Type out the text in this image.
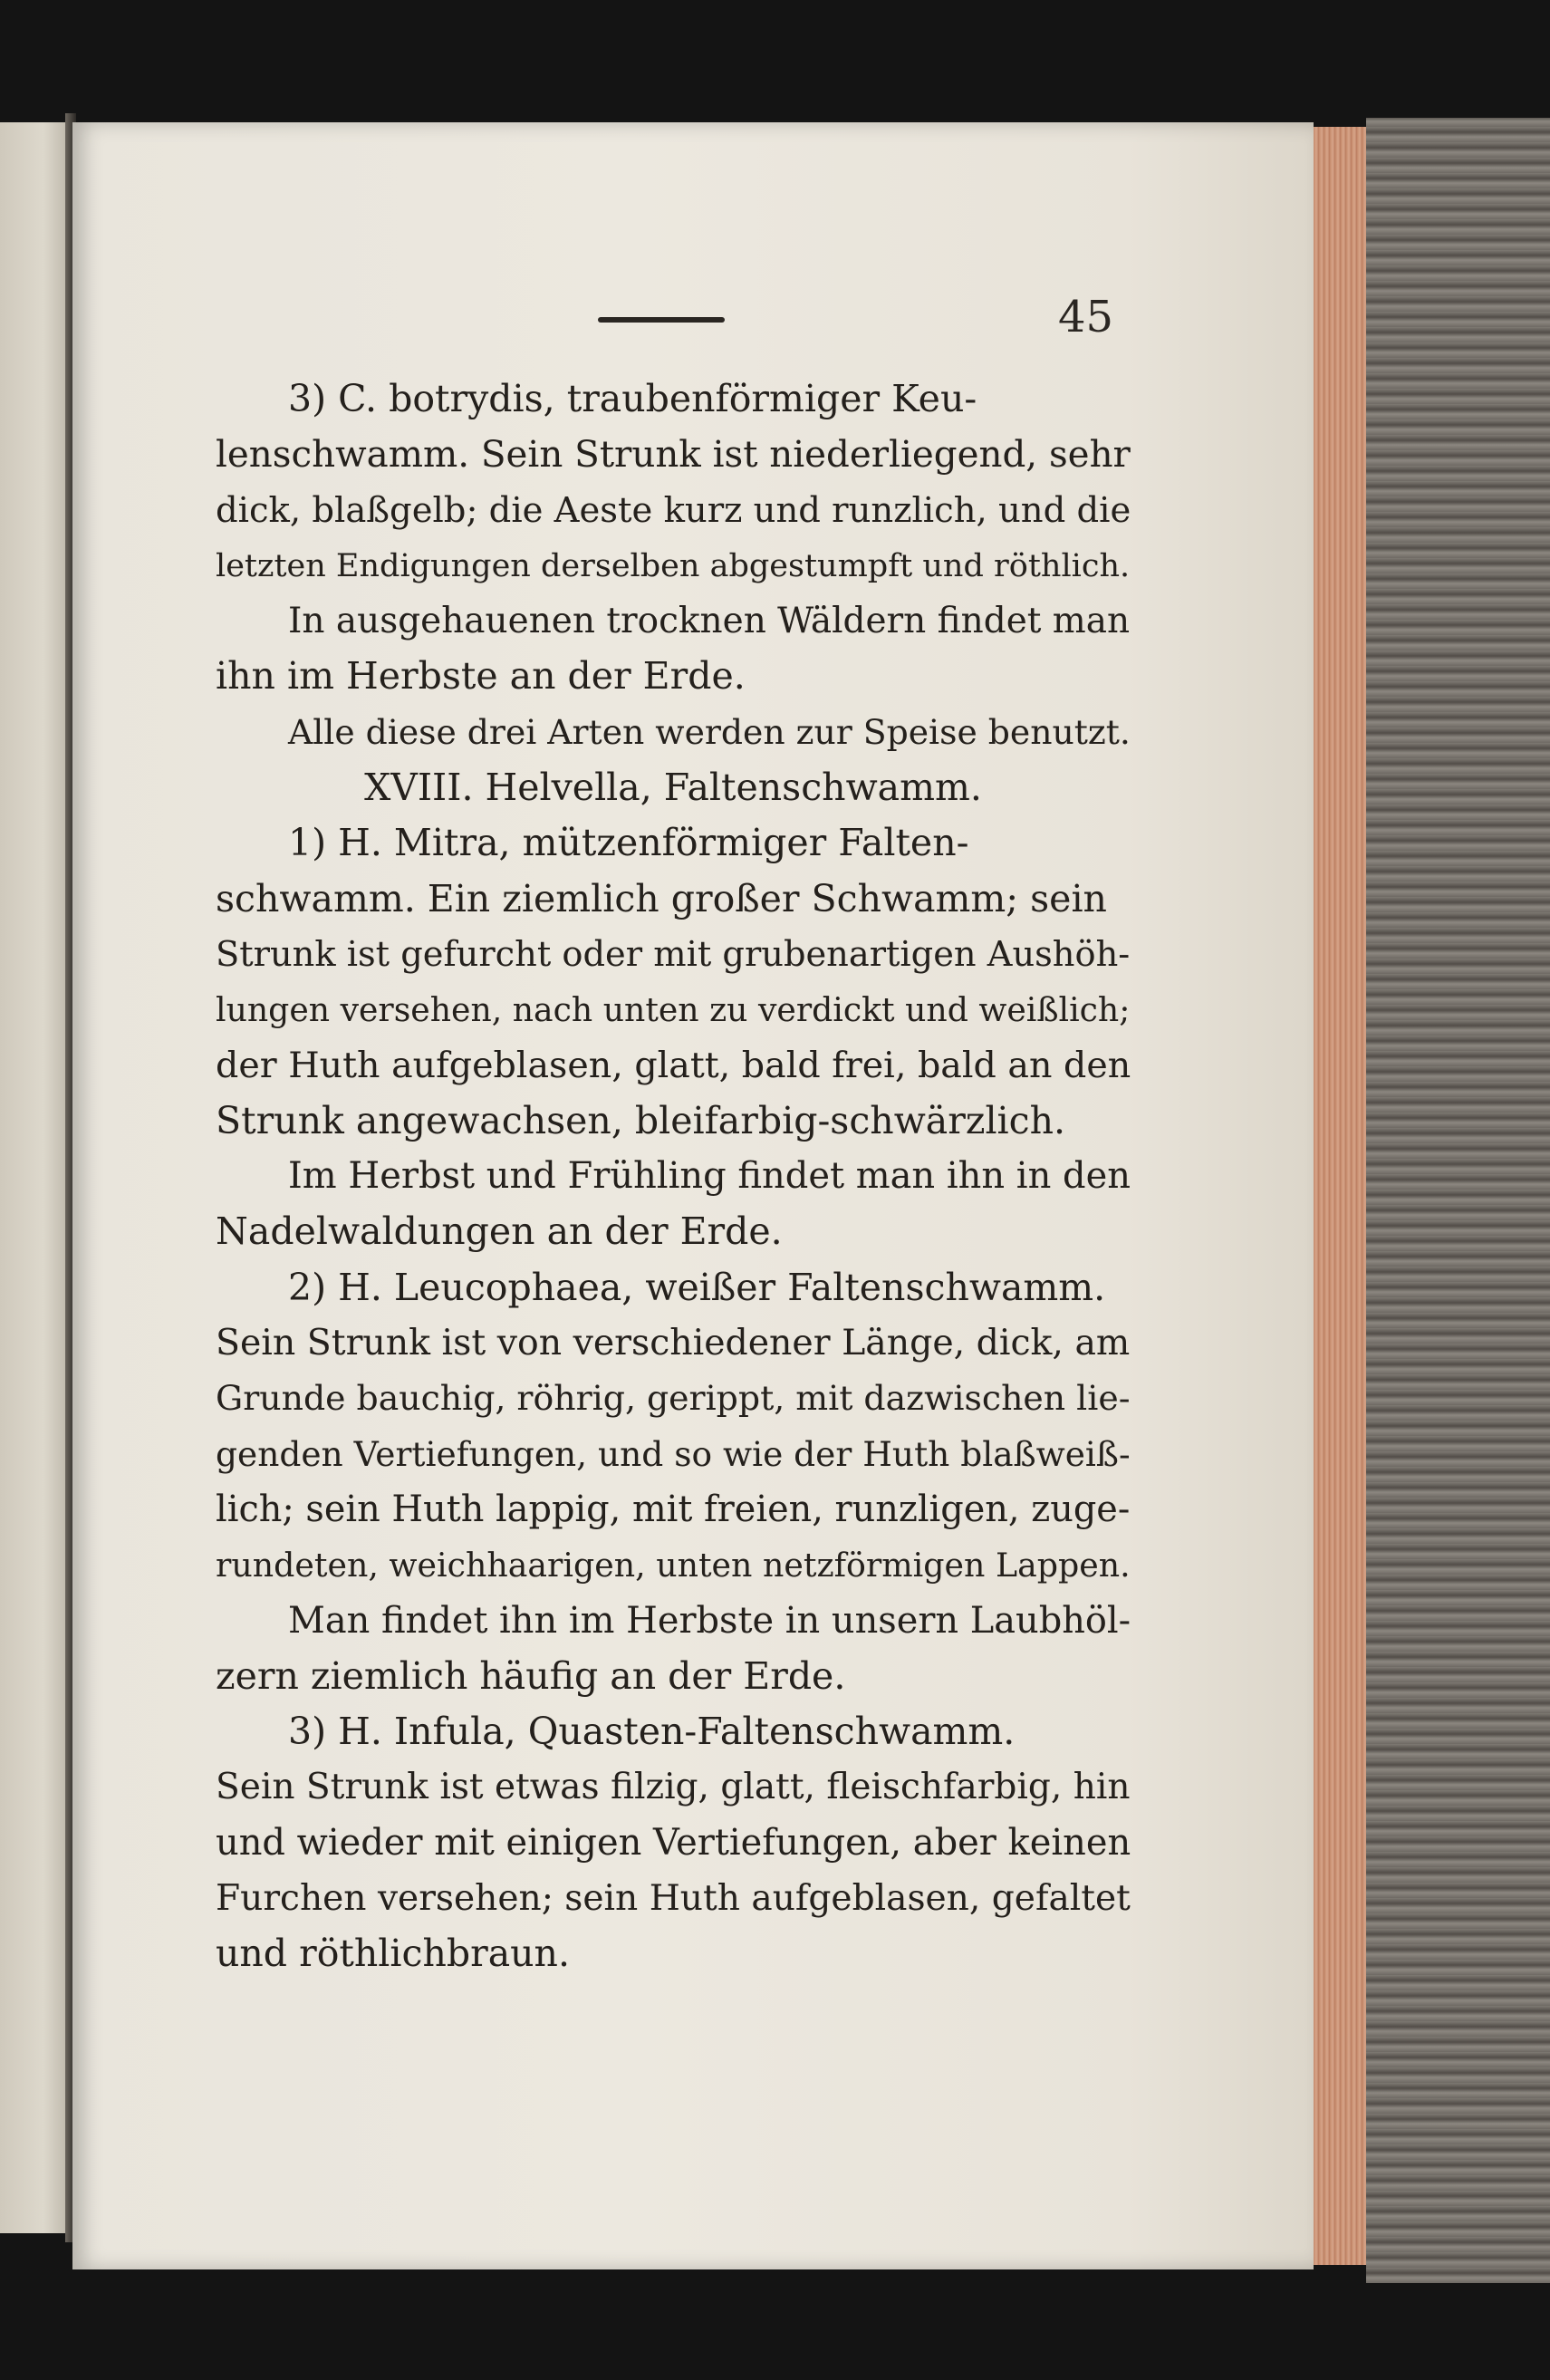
45
3) C. botrydis, traubenförmiger Keu-
lenschwamm. Sein Strunk ist niederliegend, sehr
dick, blaßgelb; die Aeste kurz und runzlich, und die
letzten Endigungen derselben abgestumpft und röthlich.
In ausgehauenen trocknen Wäldern findet man
ihn im Herbste an der Erde.
Alle diese drei Arten werden zur Speise benutzt.
XVIII. Helvella, Faltenschwamm.
1) H. Mitra, mützenförmiger Falten-
schwamm. Ein ziemlich großer Schwamm; sein
Strunk ist gefurcht oder mit grubenartigen Aushöh-
lungen versehen, nach unten zu verdickt und weißlich;
der Huth aufgeblasen, glatt, bald frei, bald an den
Strunk angewachsen, bleifarbig-schwärzlich.
Im Herbst und Frühling findet man ihn in den
Nadelwaldungen an der Erde.
2) H. Leucophaea, weißer Faltenschwamm.
Sein Strunk ist von verschiedener Länge, dick, am
Grunde bauchig, röhrig, gerippt, mit dazwischen lie-
genden Vertiefungen, und so wie der Huth blaßweiß-
lich; sein Huth lappig, mit freien, runzligen, zuge-
rundeten, weichhaarigen, unten netzförmigen Lappen.
Man findet ihn im Herbste in unsern Laubhöl-
zern ziemlich häufig an der Erde.
3) H. Infula, Quasten-Faltenschwamm.
Sein Strunk ist etwas filzig, glatt, fleischfarbig, hin
und wieder mit einigen Vertiefungen, aber keinen
Furchen versehen; sein Huth aufgeblasen, gefaltet
und röthlichbraun.
